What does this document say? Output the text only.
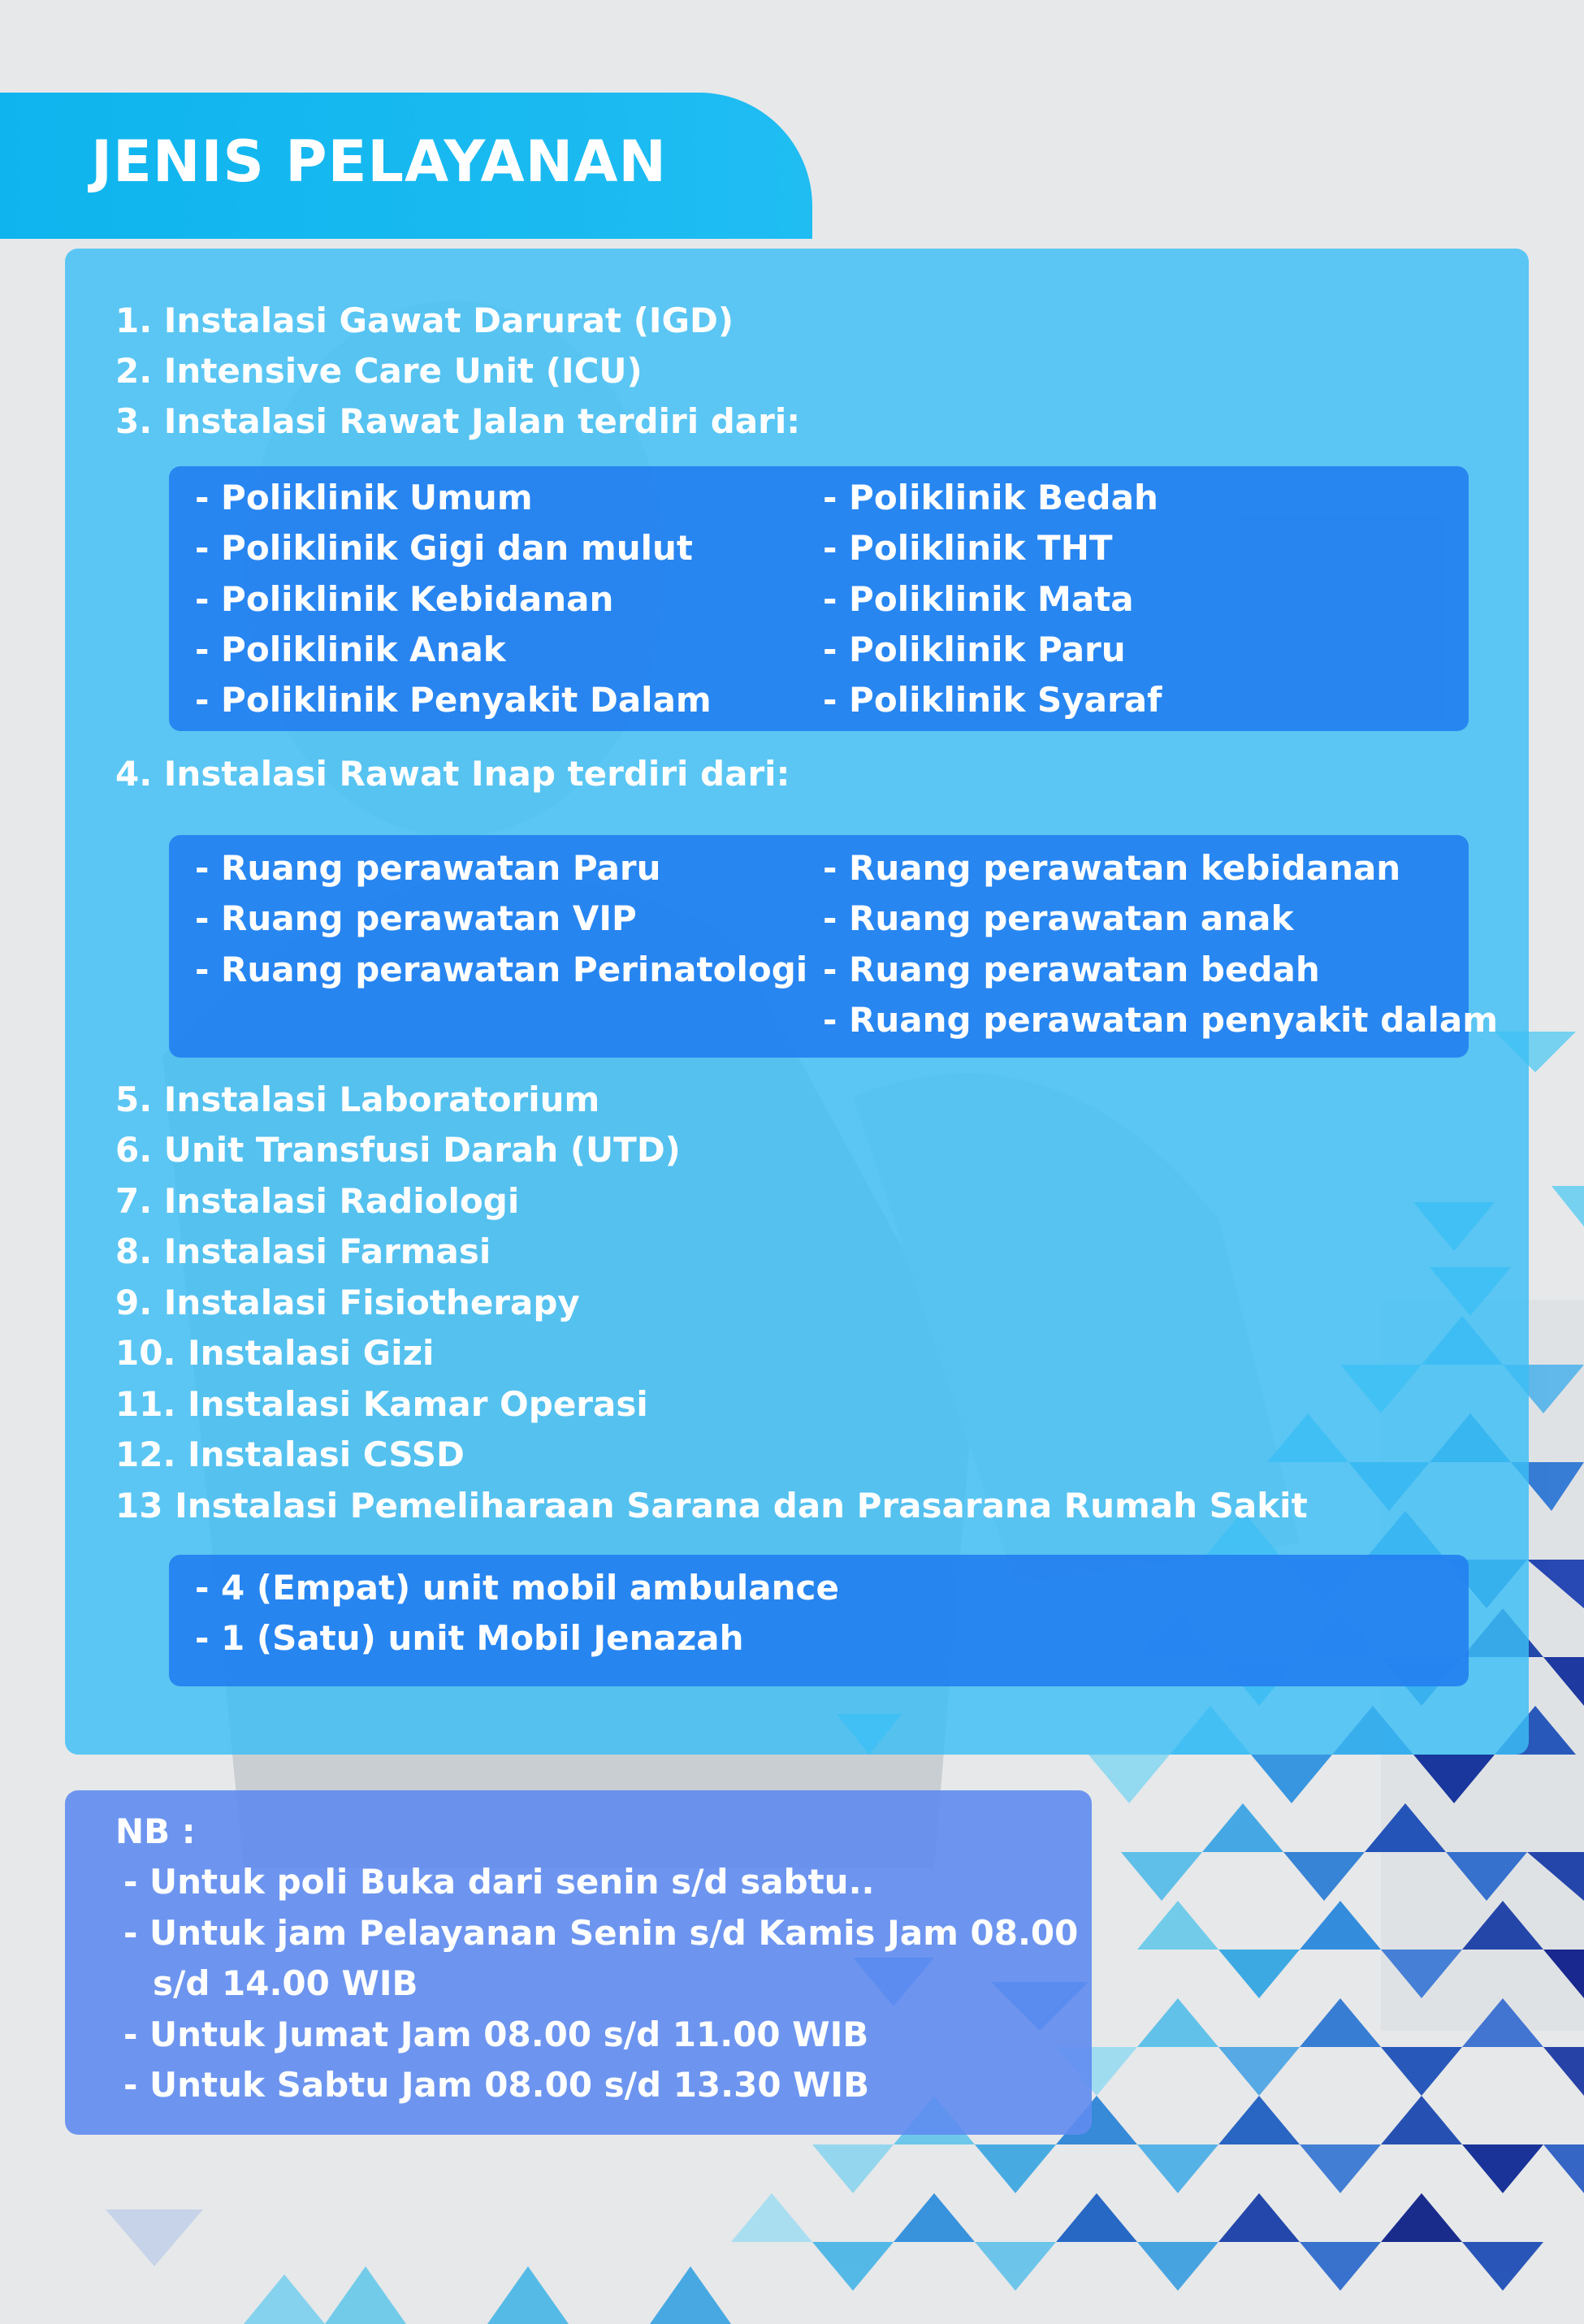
JENIS PELAYANAN
1. Instalasi Gawat Darurat (IGD)
2. Intensive Care Unit (ICU)
3. Instalasi Rawat Jalan terdiri dari:
- Poliklinik Umum
- Poliklinik Gigi dan mulut
- Poliklinik Kebidanan
- Poliklinik Anak
- Poliklinik Penyakit Dalam
- Poliklinik Bedah
- Poliklinik THT
- Poliklinik Mata
- Poliklinik Paru
- Poliklinik Syaraf
4. Instalasi Rawat Inap terdiri dari:
- Ruang perawatan Paru
- Ruang perawatan VIP
- Ruang perawatan Perinatologi
- Ruang perawatan kebidanan
- Ruang perawatan anak
- Ruang perawatan bedah
- Ruang perawatan penyakit dalam
5. Instalasi Laboratorium
6. Unit Transfusi Darah (UTD)
7. Instalasi Radiologi
8. Instalasi Farmasi
9. Instalasi Fisiotherapy
10. Instalasi Gizi
11. Instalasi Kamar Operasi
12. Instalasi CSSD
13 Instalasi Pemeliharaan Sarana dan Prasarana Rumah Sakit
- 4 (Empat) unit mobil ambulance
- 1 (Satu) unit Mobil Jenazah
NB :
- Untuk poli Buka dari senin s/d sabtu..
- Untuk jam Pelayanan Senin s/d Kamis Jam 08.00
s/d 14.00 WIB
- Untuk Jumat Jam 08.00 s/d 11.00 WIB
- Untuk Sabtu Jam 08.00 s/d 13.30 WIB
